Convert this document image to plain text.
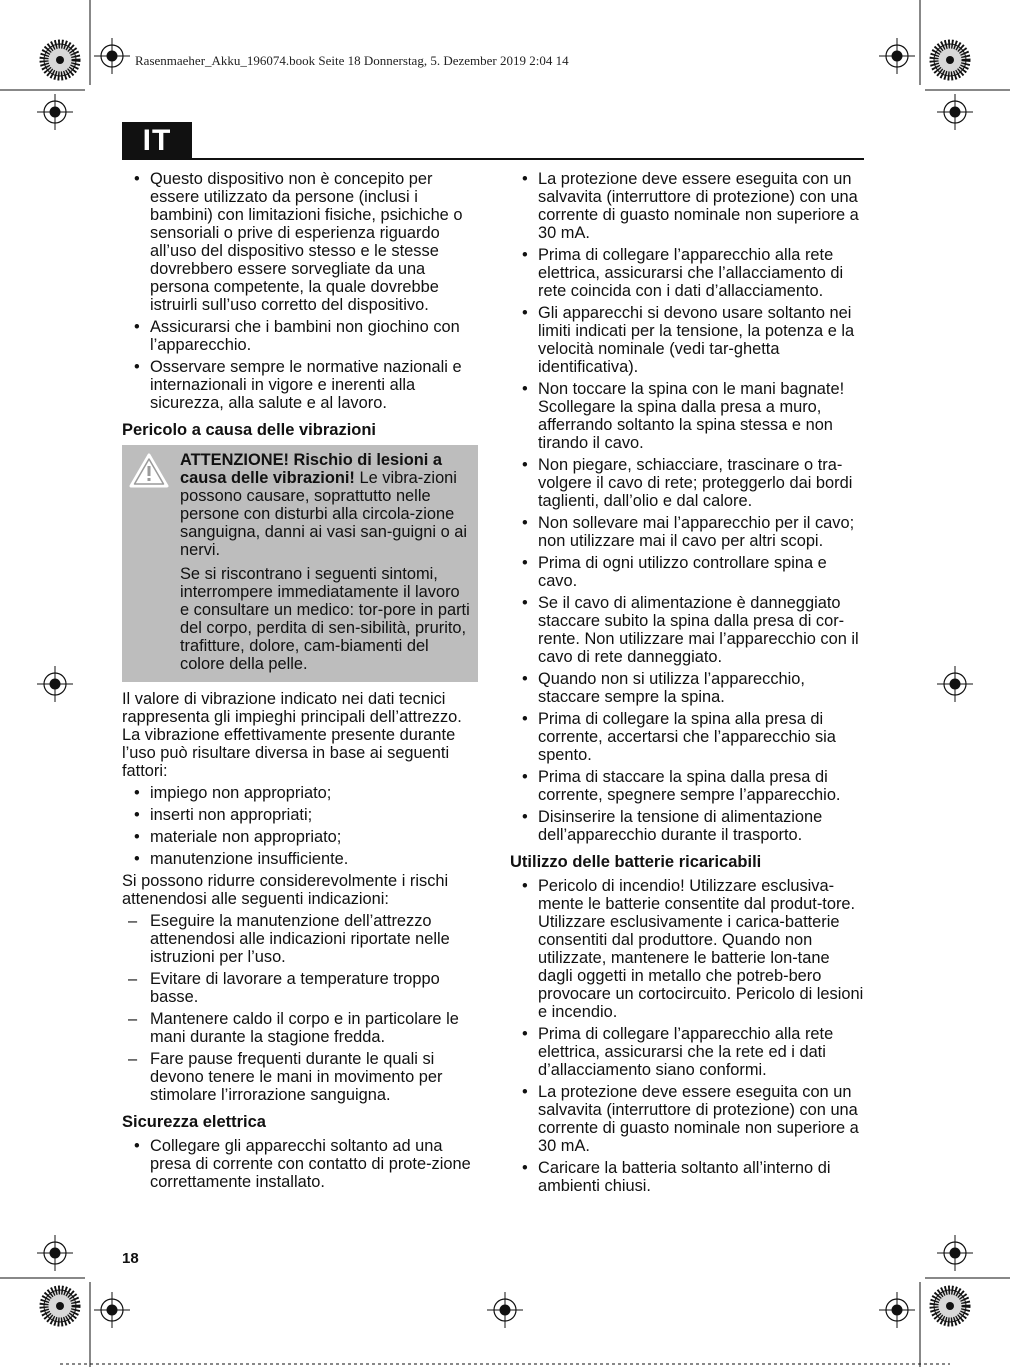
Rasenmaeher_Akku_196074.book Seite 18 Donnerstag, 5. Dezember 2019 2:04 14
IT
• Questo dispositivo non è concepito per essere utilizzato da persone (inclusi i bambini) con limitazioni fisiche, psichiche o sensoriali o prive di esperienza riguardo all’uso del dispositivo stesso e le stesse dovrebbero essere sorvegliate da una persona competente, la quale dovrebbe istruirli sull’uso corretto del dispositivo.
• Assicurarsi che i bambini non giochino con l’apparecchio.
• Osservare sempre le normative nazionali e internazionali in vigore e inerenti alla sicurezza, alla salute e al lavoro.
Pericolo a causa delle vibrazioni

ATTENZIONE! Rischio di lesioni a causa delle vibrazioni! Le vibra-zioni possono causare, soprattutto nelle persone con disturbi alla circola-zione sanguigna, danni ai vasi san-guigni o ai nervi.

Se si riscontrano i seguenti sintomi, interrompere immediatamente il lavoro e consultare un medico: tor-pore in parti del corpo, perdita di sen-sibilità, prurito, trafitture, dolore, cam-biamenti del colore della pelle.

Il valore di vibrazione indicato nei dati tecnici rappresenta gli impieghi principali dell’attrezzo. La vibrazione effettivamente presente durante l’uso può risultare diversa in base ai seguenti fattori:

• impiego non appropriato;
• inserti non appropriati;
• materiale non appropriato;
• manutenzione insufficiente.

Si possono ridurre considerevolmente i rischi attenendosi alle seguenti indicazioni:

– Eseguire la manutenzione dell’attrezzo attenendosi alle indicazioni riportate nelle istruzioni per l’uso.
– Evitare di lavorare a temperature troppo basse.
– Mantenere caldo il corpo e in particolare le mani durante la stagione fredda.
– Fare pause frequenti durante le quali si devono tenere le mani in movimento per stimolare l’irrorazione sanguigna.
Sicurezza elettrica
• Collegare gli apparecchi soltanto ad una presa di corrente con contatto di prote-zione correttamente installato.
• La protezione deve essere eseguita con un salvavita (interruttore di protezione) con una corrente di guasto nominale non superiore a 30 mA.
• Prima di collegare l’apparecchio alla rete elettrica, assicurarsi che l’allacciamento di rete coincida con i dati d’allacciamento.
• Gli apparecchi si devono usare soltanto nei limiti indicati per la tensione, la potenza e la velocità nominale (vedi tar-ghetta identificativa).
• Non toccare la spina con le mani bagnate! Scollegare la spina dalla presa a muro, afferrando soltanto la spina stessa e non tirando il cavo.
• Non piegare, schiacciare, trascinare o tra-volgere il cavo di rete; proteggerlo dai bordi taglienti, dall’olio e dal calore.
• Non sollevare mai l’apparecchio per il cavo; non utilizzare mai il cavo per altri scopi.
• Prima di ogni utilizzo controllare spina e cavo.
• Se il cavo di alimentazione è danneggiato staccare subito la spina dalla presa di cor-rente. Non utilizzare mai l’apparecchio con il cavo di rete danneggiato.
• Quando non si utilizza l’apparecchio, staccare sempre la spina.
• Prima di collegare la spina alla presa di corrente, accertarsi che l’apparecchio sia spento.
• Prima di staccare la spina dalla presa di corrente, spegnere sempre l’apparecchio.
• Disinserire la tensione di alimentazione dell’apparecchio durante il trasporto.
Utilizzo delle batterie ricaricabili
• Pericolo di incendio! Utilizzare esclusiva-mente le batterie consentite dal produt-tore. Utilizzare esclusivamente i carica-batterie consentiti dal produttore. Quando non utilizzate, mantenere le batterie lon-tane dagli oggetti in metallo che potreb-bero provocare un cortocircuito. Pericolo di lesioni e incendio.
• Prima di collegare l’apparecchio alla rete elettrica, assicurarsi che la rete ed i dati d’allacciamento siano conformi.
• La protezione deve essere eseguita con un salvavita (interruttore di protezione) con una corrente di guasto nominale non superiore a 30 mA.
• Caricare la batteria soltanto all’interno di ambienti chiusi.
18
